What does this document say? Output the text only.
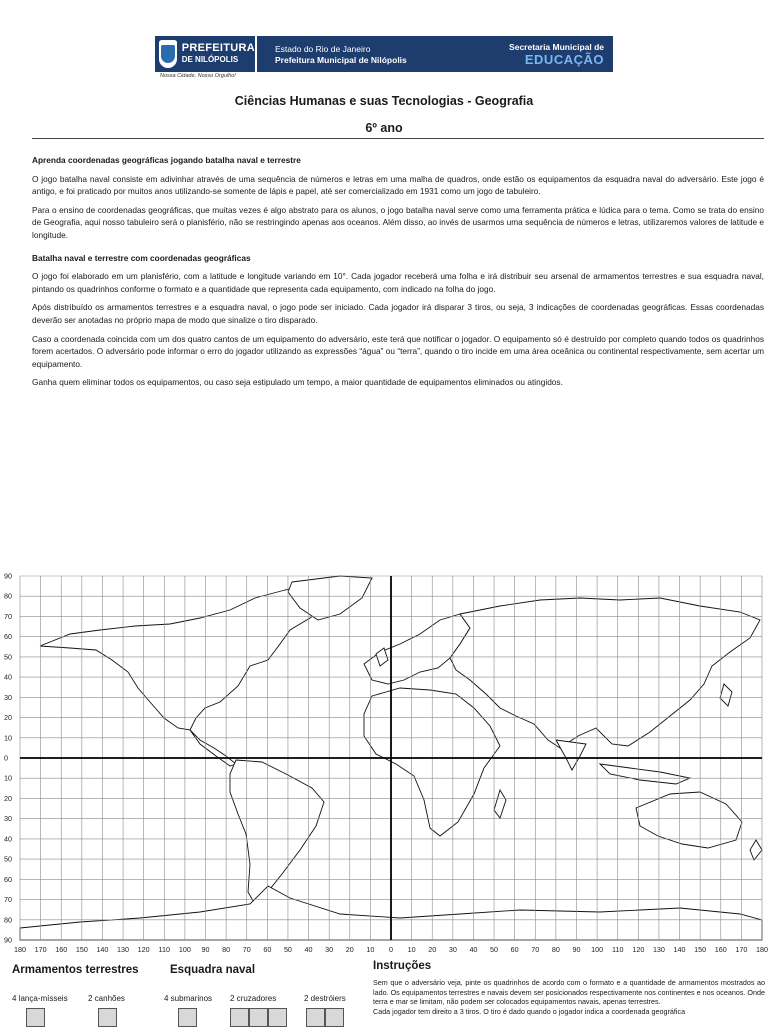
PREFEITURA
DE NILÓPOLIS
Estado do Rio de Janeiro
Prefeitura Municipal de Nilópolis
Secretaria Municipal de
EDUCAÇÃO
Nossa Cidade, Nosso Orgulho!
Ciências Humanas e suas Tecnologias - Geografia
6º ano
Aprenda coordenadas geográficas jogando batalha naval e terrestre

O jogo batalha naval consiste em adivinhar através de uma sequência de números e letras em uma malha de quadros, onde estão os equipamentos da esquadra naval do adversário. Este jogo é antigo, e foi praticado por muitos anos utilizando-se somente de lápis e papel, até ser comercializado em 1931 como um jogo de tabuleiro.

Para o ensino de coordenadas geográficas, que muitas vezes é algo abstrato para os alunos, o jogo batalha naval serve como uma ferramenta prática e lúdica para o tema. Como se trata do ensino de Geografia, aqui nosso tabuleiro será o planisfério, não se restringindo apenas aos oceanos. Além disso, ao invés de usarmos uma sequência de números e letras, utilizaremos valores de latitude e longitude.

Batalha naval e terrestre com coordenadas geográficas

O jogo foi elaborado em um planisfério, com a latitude e longitude variando em 10°. Cada jogador receberá uma folha e irá distribuir seu arsenal de armamentos terrestres e sua esquadra naval, pintando os quadrinhos conforme o formato e a quantidade que representa cada equipamento, com indicado na folha do jogo.

Após distribuído os armamentos terrestres e a esquadra naval, o jogo pode ser iniciado. Cada jogador irá disparar 3 tiros, ou seja, 3 indicações de coordenadas geográficas. Essas coordenadas deverão ser anotadas no próprio mapa de modo que sinalize o tiro disparado.

Caso a coordenada coincida com um dos quatro cantos de um equipamento do adversário, este terá que notificar o jogador. O equipamento só é destruído por completo quando todos os quadrinhos forem acertados. O adversário pode informar o erro do jogador utilizando as expressões “água” ou “terra”, quando o tiro incide em uma área oceânica ou continental respectivamente, sem acertar um equipamento.

Ganha quem eliminar todos os equipamentos, ou caso seja estipulado um tempo, a maior quantidade de equipamentos eliminados ou atingidos.

90
80
70
60
50
40
30
20
10
0
10
20
30
40
50
60
70
80
90
180 170 160 150 140 130 120 110 100 90 80 70 60 50 40 30 20 10 0 10 20 30 40 50 60 70 80 90 100 110 120 130 140 150 160 170 180
Armamentos terrestres	Esquadra naval
4 lança-mísseis	2 canhões	4 submarinos 2 cruzadores	2 destróiers
Instruções

Sem que o adversário veja, pinte os quadrinhos de acordo com o formato e a quantidade de armamentos mostrados ao lado. Os equipamentos terrestres e navais devem ser posicionados respectivamente nos continentes e nos oceanos. Onde terra e mar se limitam, não podem ser colocados equipamentos navais, apenas terrestres.

Cada jogador tem direito a 3 tiros. O tiro é dado quando o jogador indica a coordenada geográfica
